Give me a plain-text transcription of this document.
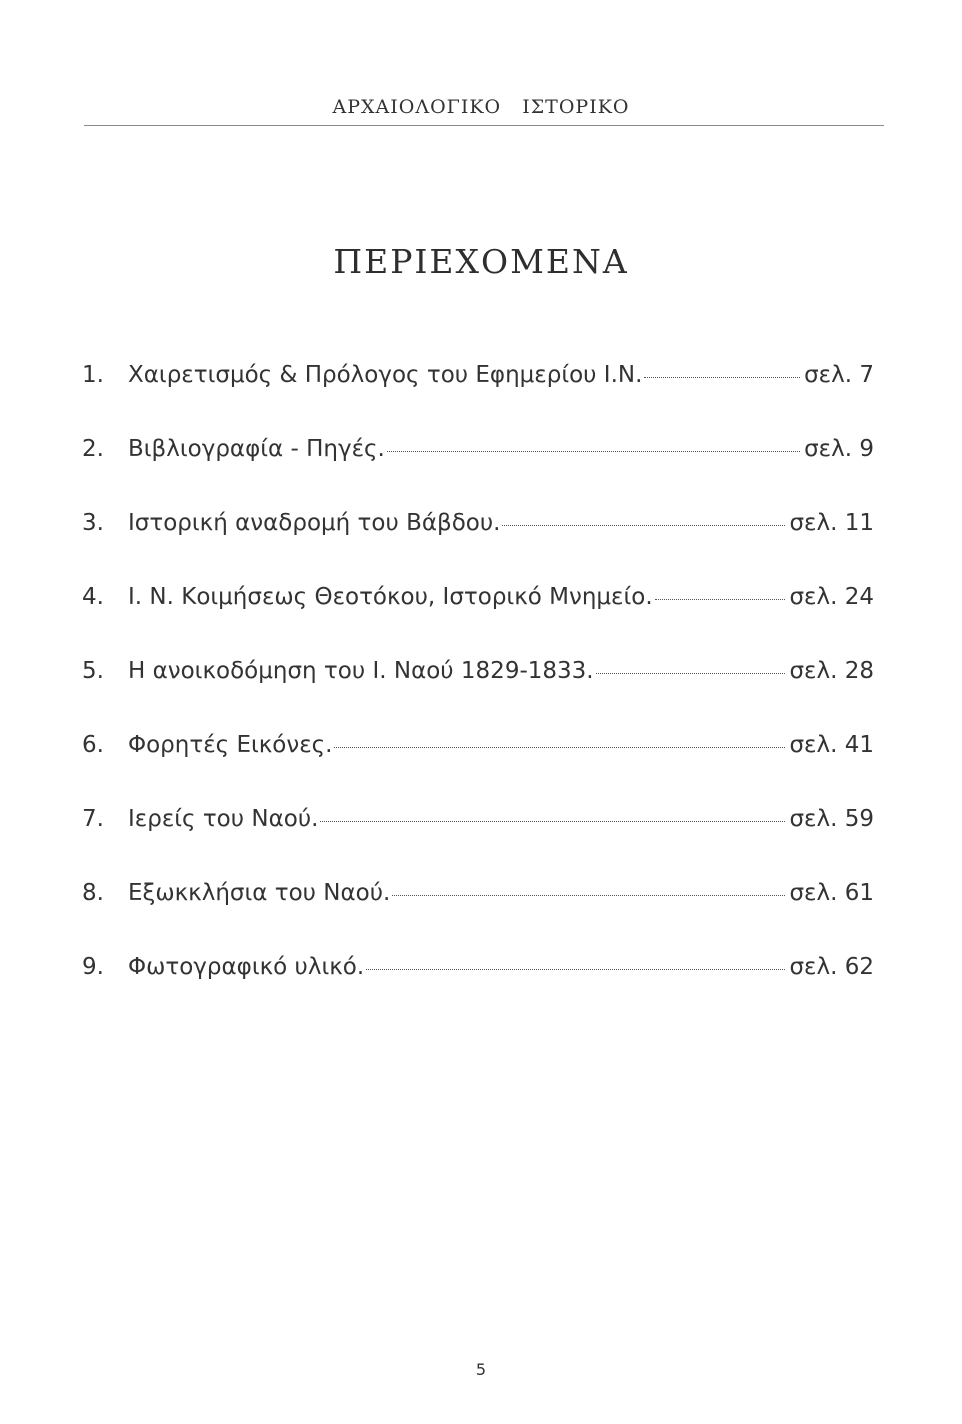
ΑΡΧΑΙΟΛΟΓΙΚΟ   ΙΣΤΟΡΙΚΟ
ΠΕΡΙΕΧΟΜΕΝΑ
1.	Χαιρετισμός & Πρόλογος του Εφημερίου Ι.Ν.	σελ. 7
2.	Βιβλιογραφία - Πηγές.	σελ. 9
3.	Ιστορική αναδρομή του Βάβδου.	σελ. 11
4.	Ι. Ν. Κοιμήσεως Θεοτόκου, Ιστορικό Μνημείο.	σελ. 24
5.	Η ανοικοδόμηση του Ι. Ναού 1829-1833.	σελ. 28
6.	Φορητές Εικόνες.	σελ. 41
7.	Ιερείς του Ναού.	σελ. 59
8.	Εξωκκλήσια του Ναού.	σελ. 61
9.	Φωτογραφικό υλικό.	σελ. 62
5
